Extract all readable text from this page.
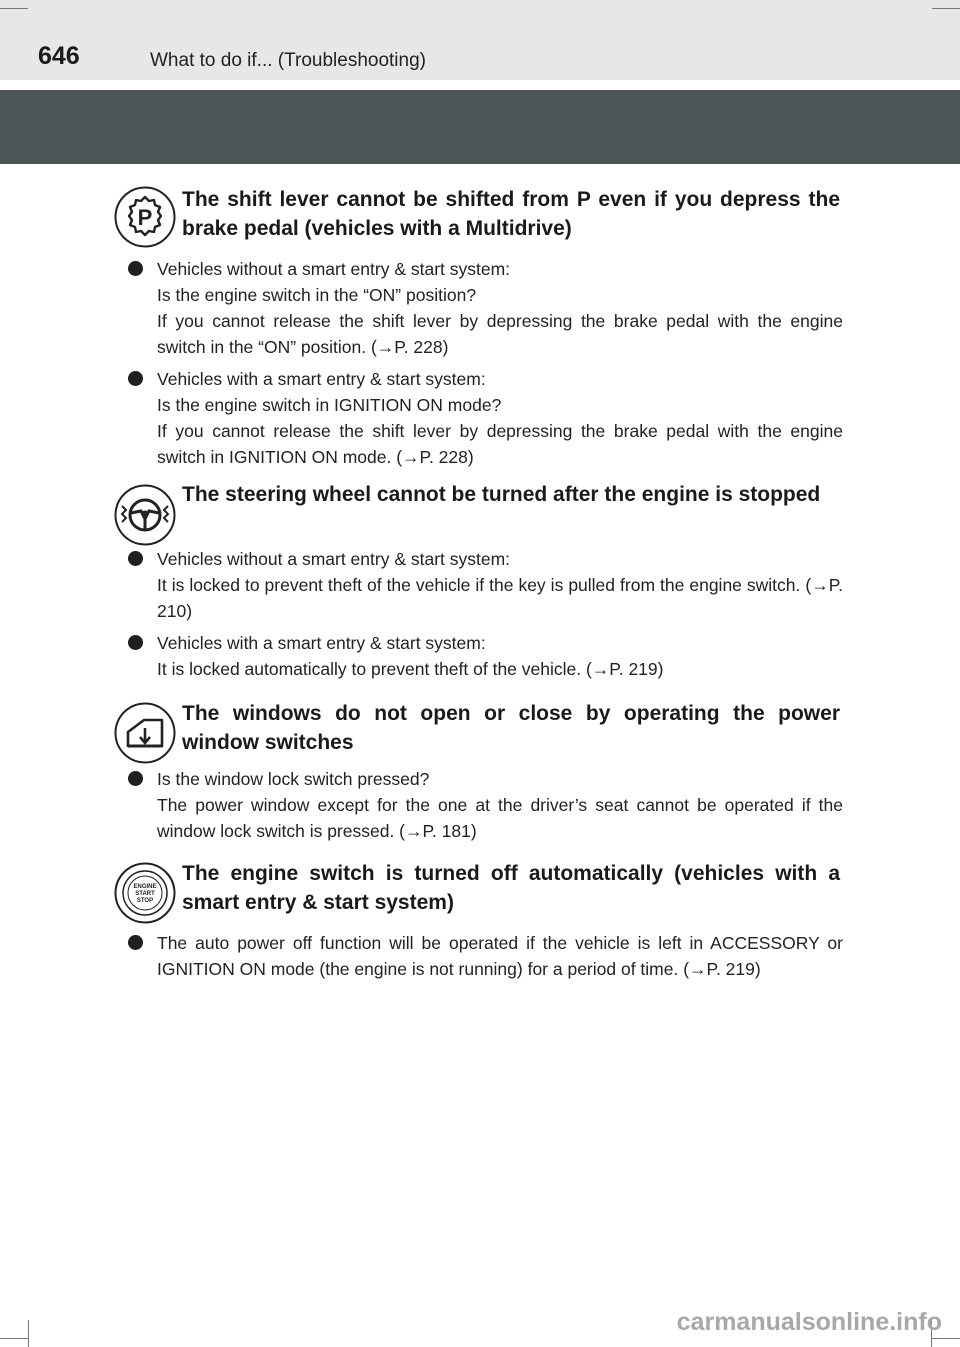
646	What to do if... (Troubleshooting)
P
The shift lever cannot be shifted from P even if you depress the brake pedal (vehicles with a Multidrive)

Vehicles without a smart entry & start system:

Is the engine switch in the “ON” position?

If you cannot release the shift lever by depressing the brake pedal with the engine switch in the “ON” position. (→P. 228)

Vehicles with a smart entry & start system:

Is the engine switch in IGNITION ON mode?

If you cannot release the shift lever by depressing the brake pedal with the engine switch in IGNITION ON mode. (→P. 228)

The steering wheel cannot be turned after the engine is stopped

Vehicles without a smart entry & start system:

It is locked to prevent theft of the vehicle if the key is pulled from the engine switch. (→P. 210)

Vehicles with a smart entry & start system:

It is locked automatically to prevent theft of the vehicle. (→P. 219)

The windows do not open or close by operating the power window switches

Is the window lock switch pressed?

The power window except for the one at the driver’s seat cannot be operated if the window lock switch is pressed. (→P. 181)

ENGINE
START
STOP
The engine switch is turned off automatically (vehicles with a smart entry & start system)

The auto power off function will be operated if the vehicle is left in ACCESSORY or IGNITION ON mode (the engine is not running) for a period of time. (→P. 219)

carmanualsonline.info
